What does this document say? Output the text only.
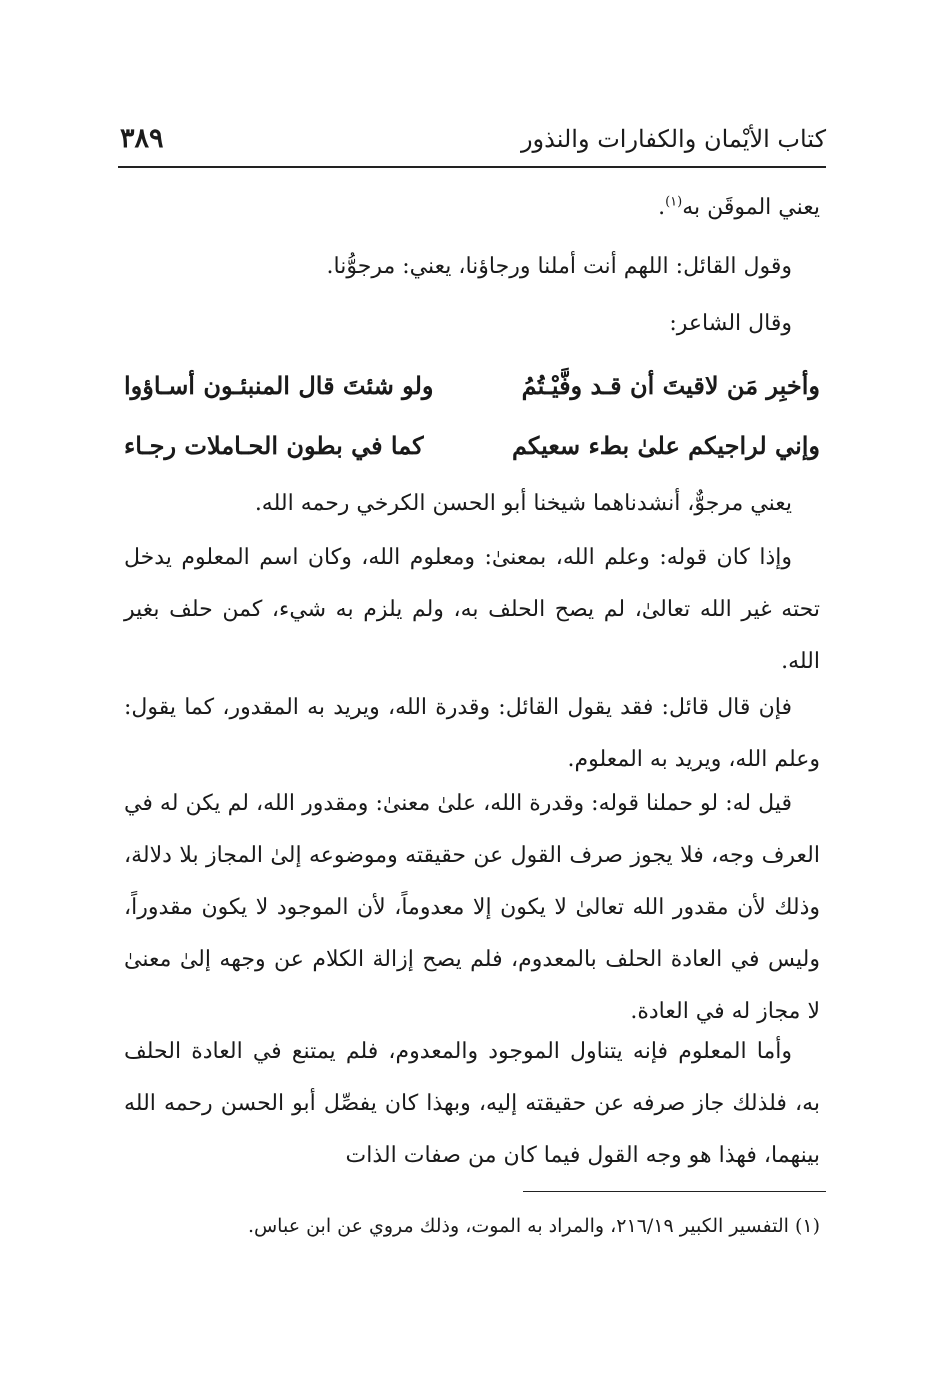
كتاب الأيْمان والكفارات والنذور
٣٨٩
يعني الموقَن به$^{(١)}$.
وقول القائل: اللهم أنت أملنا ورجاؤنا، يعني: مرجوُّنا.
وقال الشاعر:
وأخبِر مَن لاقيتَ أن قـد وفَّيْـتُمُ
ولو شئتَ قال المنبئـون أسـاؤوا
وإني لراجيكم علىٰ بطء سعيكم
كما في بطون الحـاملات رجـاء
يعني مرجوٌّ، أنشدناهما شيخنا أبو الحسن الكرخي رحمه الله.
وإذا كان قوله: وعلم الله، بمعنىٰ: ومعلوم الله، وكان اسم المعلوم يدخل تحته غير الله تعالىٰ، لم يصح الحلف به، ولم يلزم به شيء، كمن حلف بغير الله.
فإن قال قائل: فقد يقول القائل: وقدرة الله، ويريد به المقدور، كما يقول: وعلم الله، ويريد به المعلوم.
قيل له: لو حملنا قوله: وقدرة الله، علىٰ معنىٰ: ومقدور الله، لم يكن له في العرف وجه، فلا يجوز صرف القول عن حقيقته وموضوعه إلىٰ المجاز بلا دلالة، وذلك لأن مقدور الله تعالىٰ لا يكون إلا معدوماً، لأن الموجود لا يكون مقدوراً، وليس في العادة الحلف بالمعدوم، فلم يصح إزالة الكلام عن وجهه إلىٰ معنىٰ لا مجاز له في العادة.
وأما المعلوم فإنه يتناول الموجود والمعدوم، فلم يمتنع في العادة الحلف به، فلذلك جاز صرفه عن حقيقته إليه، وبهذا كان يفصِّل أبو الحسن رحمه الله بينهما، فهذا هو وجه القول فيما كان من صفات الذات
(١) التفسير الكبير ٢١٦/١٩، والمراد به الموت، وذلك مروي عن ابن عباس.
